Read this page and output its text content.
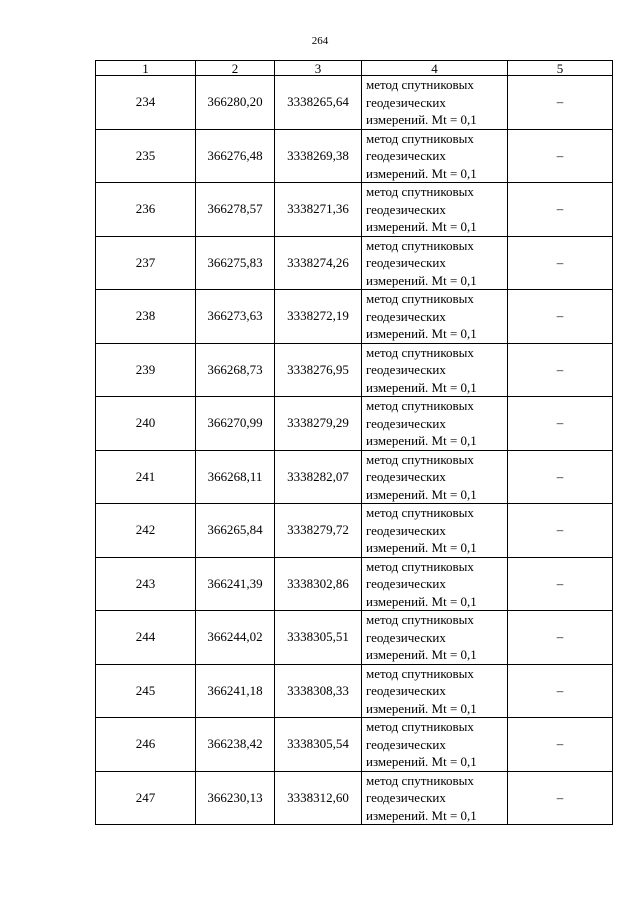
264
1	2	3	4	5
234	366280,20	3338265,64	метод спутниковых
геодезических
измерений. Mt = 0,1	–
235	366276,48	3338269,38	метод спутниковых
геодезических
измерений. Mt = 0,1	–
236	366278,57	3338271,36	метод спутниковых
геодезических
измерений. Mt = 0,1	–
237	366275,83	3338274,26	метод спутниковых
геодезических
измерений. Mt = 0,1	–
238	366273,63	3338272,19	метод спутниковых
геодезических
измерений. Mt = 0,1	–
239	366268,73	3338276,95	метод спутниковых
геодезических
измерений. Mt = 0,1	–
240	366270,99	3338279,29	метод спутниковых
геодезических
измерений. Mt = 0,1	–
241	366268,11	3338282,07	метод спутниковых
геодезических
измерений. Mt = 0,1	–
242	366265,84	3338279,72	метод спутниковых
геодезических
измерений. Mt = 0,1	–
243	366241,39	3338302,86	метод спутниковых
геодезических
измерений. Mt = 0,1	–
244	366244,02	3338305,51	метод спутниковых
геодезических
измерений. Mt = 0,1	–
245	366241,18	3338308,33	метод спутниковых
геодезических
измерений. Mt = 0,1	–
246	366238,42	3338305,54	метод спутниковых
геодезических
измерений. Mt = 0,1	–
247	366230,13	3338312,60	метод спутниковых
геодезических
измерений. Mt = 0,1	–
